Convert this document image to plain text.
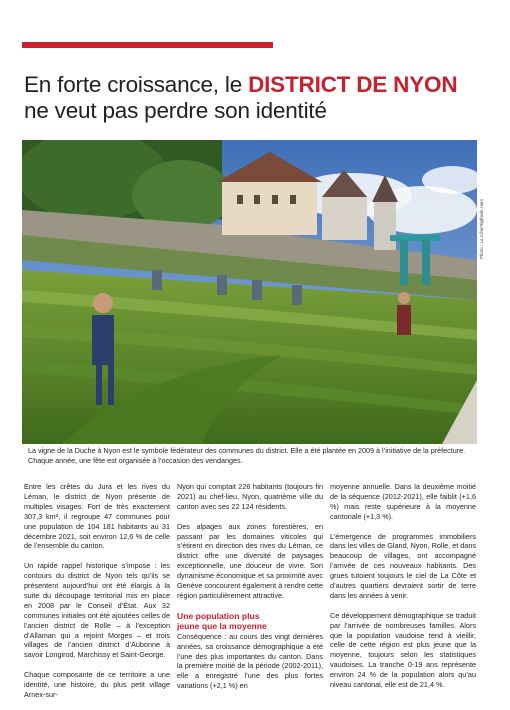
En forte croissance, le DISTRICT DE NYON
ne veut pas perdre son identité
Photo : La Côte/Sigfredo Haro

La vigne de la Duche à Nyon est le symbole fédérateur des communes du district. Elle a été plantée en 2009 à l’initiative de la préfecture. Chaque année, une fête est organisée à l’occasion des vendanges.

Entre les crêtes du Jura et les rives du Léman, le district de Nyon présente de multiples visages. Fort de très exactement 307,3 km², il regroupe 47 communes pour une population de 104 181 habitants au 31 décembre 2021, soit environ 12,6 % de celle de l’ensemble du canton.

Un rapide rappel historique s’impose : les contours du district de Nyon tels qu’ils se présentent aujourd’hui ont été élargis à la suite du découpage territorial mis en place en 2008 par le Conseil d’État. Aux 32 communes initiales ont été ajoutées celles de l’ancien district de Rolle – à l’exception d’Allaman qui a rejoint Morges – et trois villages de l’ancien district d’Aubonne à savoir Longirod, Marchissy et Saint-George.

Chaque composante de ce territoire a une identité, une histoire, du plus petit village Arnex-sur-

Nyon qui comptait 226 habitants (toujours fin 2021) au chef-lieu, Nyon, quatrième ville du canton avec ses 22 124 résidents.

Des alpages aux zones forestières, en passant par les domaines viticoles qui s’étirent en direction des rives du Léman, ce district offre une diversité de paysages exceptionnelle, une douceur de vivre. Son dynamisme économique et sa proximité avec Genève concourent également à rendre cette région particulièrement attractive.

Une population plus
jeune que la moyenne

Conséquence : au cours des vingt dernières années, sa croissance démographique a été l’une des plus importantes du canton. Dans la première moitié de la période (2002-2011), elle a enregistré l’une des plus fortes variations (+2,1 %) en

moyenne annuelle. Dans la deuxième moitié de la séquence (2012-2021), elle faiblit (+1,6 %) mais reste supérieure à la moyenne cantonale (+1,3 %).

L’émergence de programmes immobiliers dans les villes de Gland, Nyon, Rolle, et dans beaucoup de villages, ont accompagné l’arrivée de ces nouveaux habitants. Des grues tutoient toujours le ciel de La Côte et d’autres quartiers devraient sortir de terre dans les années à venir.

Ce développement démographique se traduit par l’arrivée de nombreuses familles. Alors que la population vaudoise tend à vieillir, celle de cette région est plus jeune que la moyenne, toujours selon les statistiques vaudoises. La tranche 0-19 ans représente environ 24 % de la population alors qu’au niveau cantonal, elle est de 21,4 %.
